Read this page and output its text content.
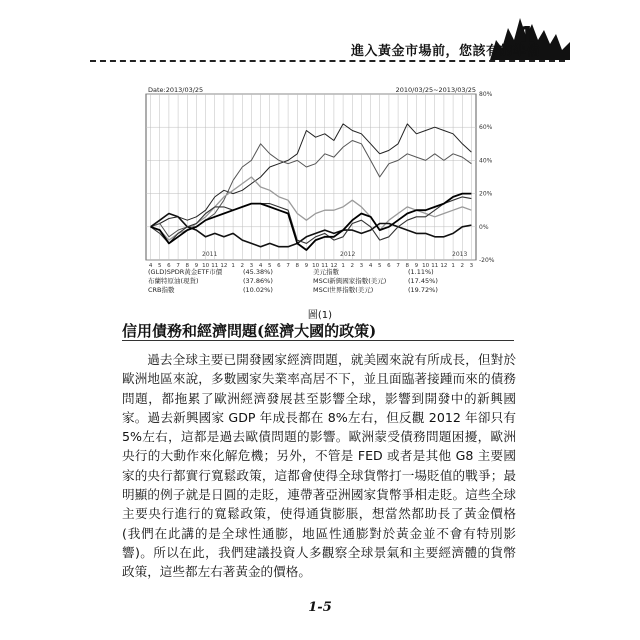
1
進入黃金市場前，您該有的準備
4 5 6 7 8 9 10 11 12 1 2 3 4 5 6 7 8 9 10 11 12 1 2 3 4 5 6 7 8 9 10 11 12 1 2 3
80%
60%
40%
20%
0%
-20%
Date:2013/03/25	2010/03/25~2013/03/25
2011	2012	2013
(GLD)SPDR黃金ETF市價	(45.38%)	美元指數	(1.11%)
布蘭特原油(現貨)	(37.86%)	MSCI新興國家指數(美元)	(17.45%)
CRB指數	(10.02%)	MSCI世界指數(美元)	(19.72%)
圖(1)
信用債務和經濟問題(經濟大國的政策)

過去全球主要已開發國家經濟問題，就美國來說有所成長，但對於歐洲地區來說，多數國家失業率高居不下，並且面臨著接踵而來的債務問題，都拖累了歐洲經濟發展甚至影響全球，影響到開發中的新興國家。過去新興國家 GDP 年成長都在 8%左右，但反觀 2012 年卻只有 5%左右，這都是過去歐債問題的影響。歐洲蒙受債務問題困擾，歐洲央行的大動作來化解危機；另外，不管是 FED 或者是其他 G8 主要國家的央行都實行寬鬆政策，這都會使得全球貨幣打一場貶值的戰爭；最明顯的例子就是日圓的走貶，連帶著亞洲國家貨幣爭相走貶。這些全球主要央行進行的寬鬆政策，使得通貨膨脹，想當然都助長了黃金價格(我們在此講的是全球性通膨，地區性通膨對於黃金並不會有特別影響)。所以在此，我們建議投資人多觀察全球景氣和主要經濟體的貨幣政策，這些都左右著黃金的價格。

1-5
